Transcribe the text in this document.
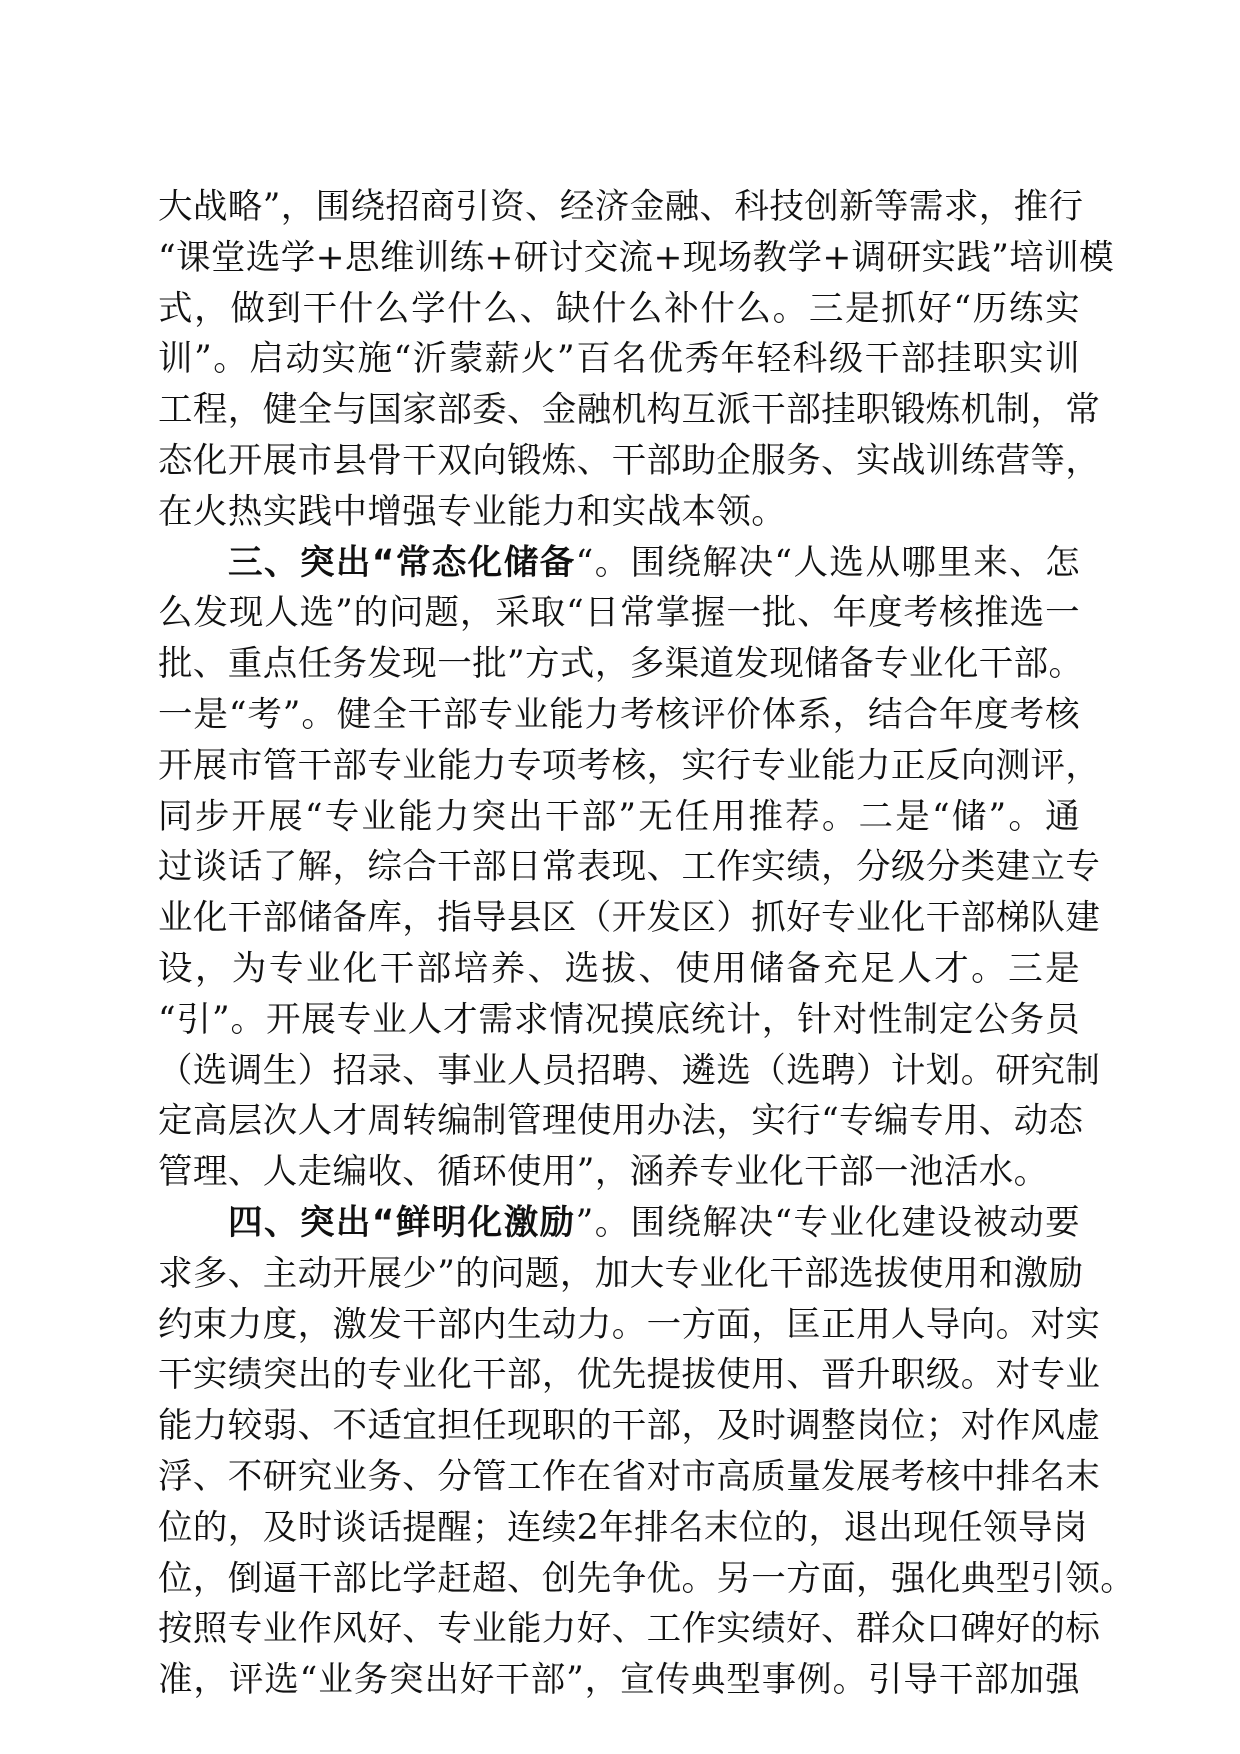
大战略”，围绕招商引资、经济金融、科技创新等需求，推行
“课堂选学+思维训练+研讨交流+现场教学+调研实践”培训模
式，做到干什么学什么、缺什么补什么。三是抓好“历练实
训”。启动实施“沂蒙薪火”百名优秀年轻科级干部挂职实训
工程，健全与国家部委、金融机构互派干部挂职锻炼机制，常
态化开展市县骨干双向锻炼、干部助企服务、实战训练营等，
在火热实践中增强专业能力和实战本领。
三、突出“常态化储备“。围绕解决“人选从哪里来、怎
么发现人选”的问题，采取“日常掌握一批、年度考核推选一
批、重点任务发现一批”方式，多渠道发现储备专业化干部。
一是“考”。健全干部专业能力考核评价体系，结合年度考核
开展市管干部专业能力专项考核，实行专业能力正反向测评，
同步开展“专业能力突出干部”无任用推荐。二是“储”。通
过谈话了解，综合干部日常表现、工作实绩，分级分类建立专
业化干部储备库，指导县区（开发区）抓好专业化干部梯队建
设，为专业化干部培养、选拔、使用储备充足人才。三是
“引”。开展专业人才需求情况摸底统计，针对性制定公务员
（选调生）招录、事业人员招聘、遴选（选聘）计划。研究制
定高层次人才周转编制管理使用办法，实行“专编专用、动态
管理、人走编收、循环使用”，涵养专业化干部一池活水。
四、突出“鲜明化激励”。围绕解决“专业化建设被动要
求多、主动开展少”的问题，加大专业化干部选拔使用和激励
约束力度，激发干部内生动力。一方面，匡正用人导向。对实
干实绩突出的专业化干部，优先提拔使用、晋升职级。对专业
能力较弱、不适宜担任现职的干部，及时调整岗位；对作风虚
浮、不研究业务、分管工作在省对市高质量发展考核中排名末
位的，及时谈话提醒；连续2年排名末位的，退出现任领导岗
位，倒逼干部比学赶超、创先争优。另一方面，强化典型引领。
按照专业作风好、专业能力好、工作实绩好、群众口碑好的标
准，评选“业务突出好干部”，宣传典型事例。引导干部加强
